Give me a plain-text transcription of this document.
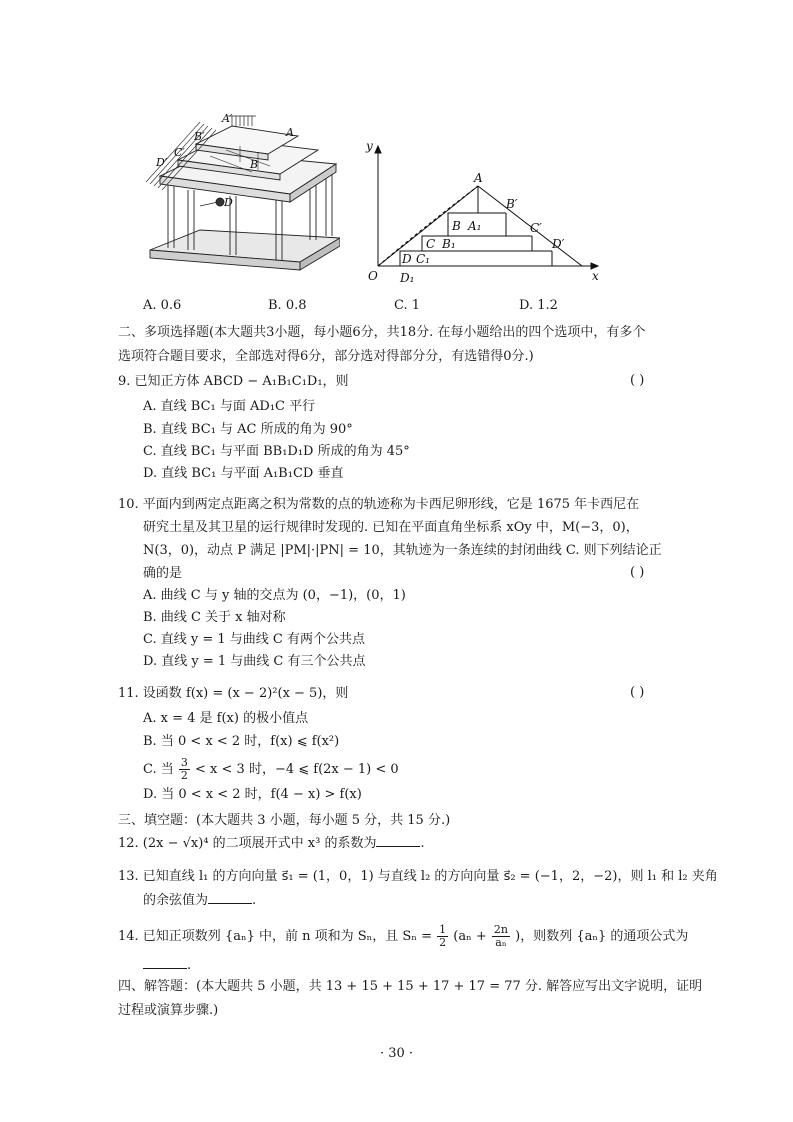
A′
A
B′
B
C′
D′
D
y
x
O
A
B′
C′
D′
B A₁
C B₁
D C₁
D₁
A. 0.6	B. 0.8	C. 1	D. 1.2
二、多项选择题(本大题共3小题，每小题6分，共18分. 在每小题给出的四个选项中，有多个
选项符合题目要求，全部选对得6分，部分选对得部分分，有选错得0分.)
9. 已知正方体 ABCD − A₁B₁C₁D₁，则	( )
A. 直线 BC₁ 与面 AD₁C 平行
B. 直线 BC₁ 与 AC 所成的角为 90°
C. 直线 BC₁ 与平面 BB₁D₁D 所成的角为 45°
D. 直线 BC₁ 与平面 A₁B₁CD 垂直
10. 平面内到两定点距离之积为常数的点的轨迹称为卡西尼卵形线，它是 1675 年卡西尼在
研究土星及其卫星的运行规律时发现的. 已知在平面直角坐标系 xOy 中，M(−3，0)，
N(3，0)，动点 P 满足 |PM|·|PN| = 10，其轨迹为一条连续的封闭曲线 C. 则下列结论正
确的是	( )
A. 曲线 C 与 y 轴的交点为 (0，−1)，(0，1)
B. 曲线 C 关于 x 轴对称
C. 直线 y = 1 与曲线 C 有两个公共点
D. 直线 y = 1 与曲线 C 有三个公共点
11. 设函数 f(x) = (x − 2)²(x − 5)，则	( )
A. x = 4 是 f(x) 的极小值点
B. 当 0 < x < 2 时，f(x) ⩽ f(x²)
C. 当 $\frac{3}{2} < x < 3$ 时，−4 ⩽ f(2x − 1) < 0
D. 当 0 < x < 2 时，f(4 − x) > f(x)
三、填空题：(本大题共 3 小题，每小题 5 分，共 15 分.)
12. (2x − √x)⁴ 的二项展开式中 x³ 的系数为	.
13. 已知直线 l₁ 的方向向量 s⃗₁ = (1，0，1) 与直线 l₂ 的方向向量 s⃗₂ = (−1，2，−2)，则 l₁ 和 l₂ 夹角
的余弦值为	.
14. 已知正项数列 {aₙ} 中，前 n 项和为 Sₙ，且 $S_n = \frac{1}{2} (a_n + \frac{2n}{\text{aₙ}}$ )，则数列 {aₙ} 的通项公式为
.
四、解答题：(本大题共 5 小题，共 13 + 15 + 15 + 17 + 17 = 77 分. 解答应写出文字说明，证明
过程或演算步骤.)
· 30 ·
